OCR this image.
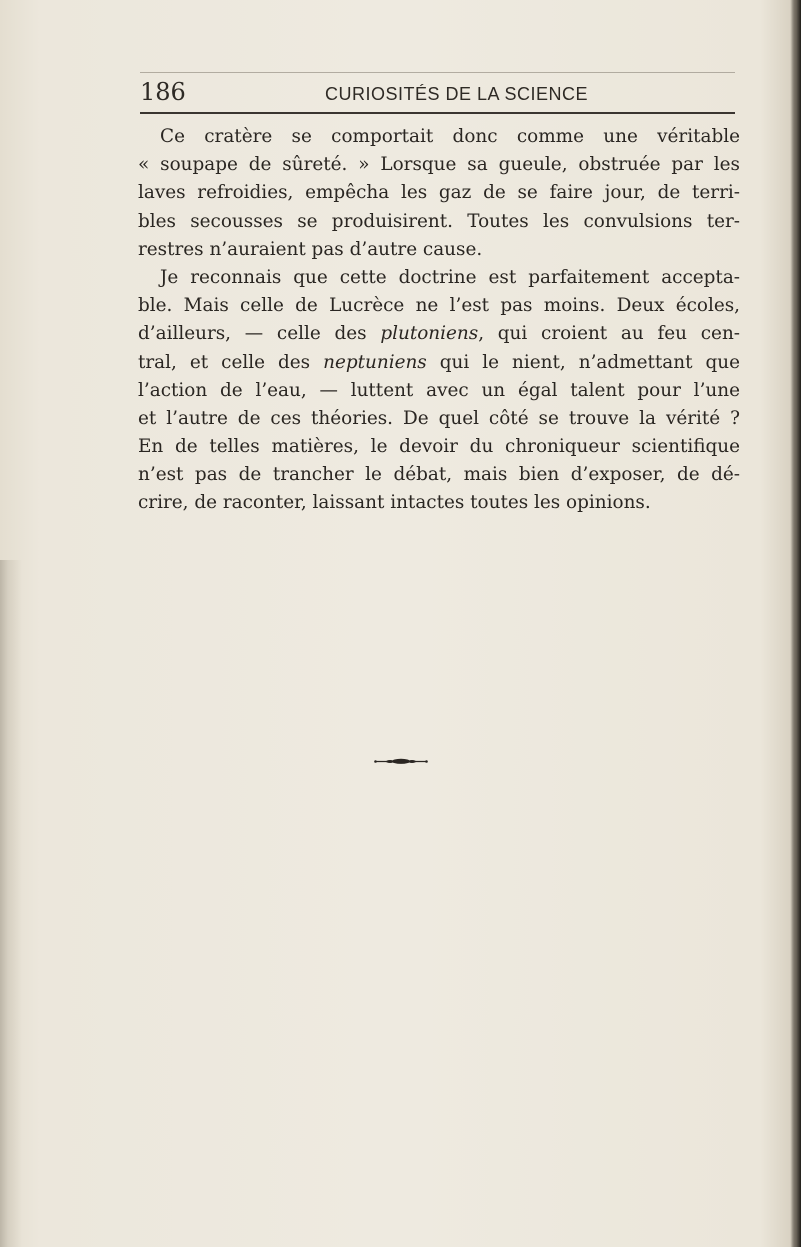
186	CURIOSITÉS DE LA SCIENCE
Ce cratère se comportait donc comme une véritable
« soupape de sûreté. » Lorsque sa gueule, obstruée par les
laves refroidies, empêcha les gaz de se faire jour, de terri-
bles secousses se produisirent. Toutes les convulsions ter-
restres n’auraient pas d’autre cause.
Je reconnais que cette doctrine est parfaitement accepta-
ble. Mais celle de Lucrèce ne l’est pas moins. Deux écoles,
d’ailleurs, — celle des plutoniens, qui croient au feu cen-
tral, et celle des neptuniens qui le nient, n’admettant que
l’action de l’eau, — luttent avec un égal talent pour l’une
et l’autre de ces théories. De quel côté se trouve la vérité ?
En de telles matières, le devoir du chroniqueur scientifique
n’est pas de trancher le débat, mais bien d’exposer, de dé-
crire, de raconter, laissant intactes toutes les opinions.
